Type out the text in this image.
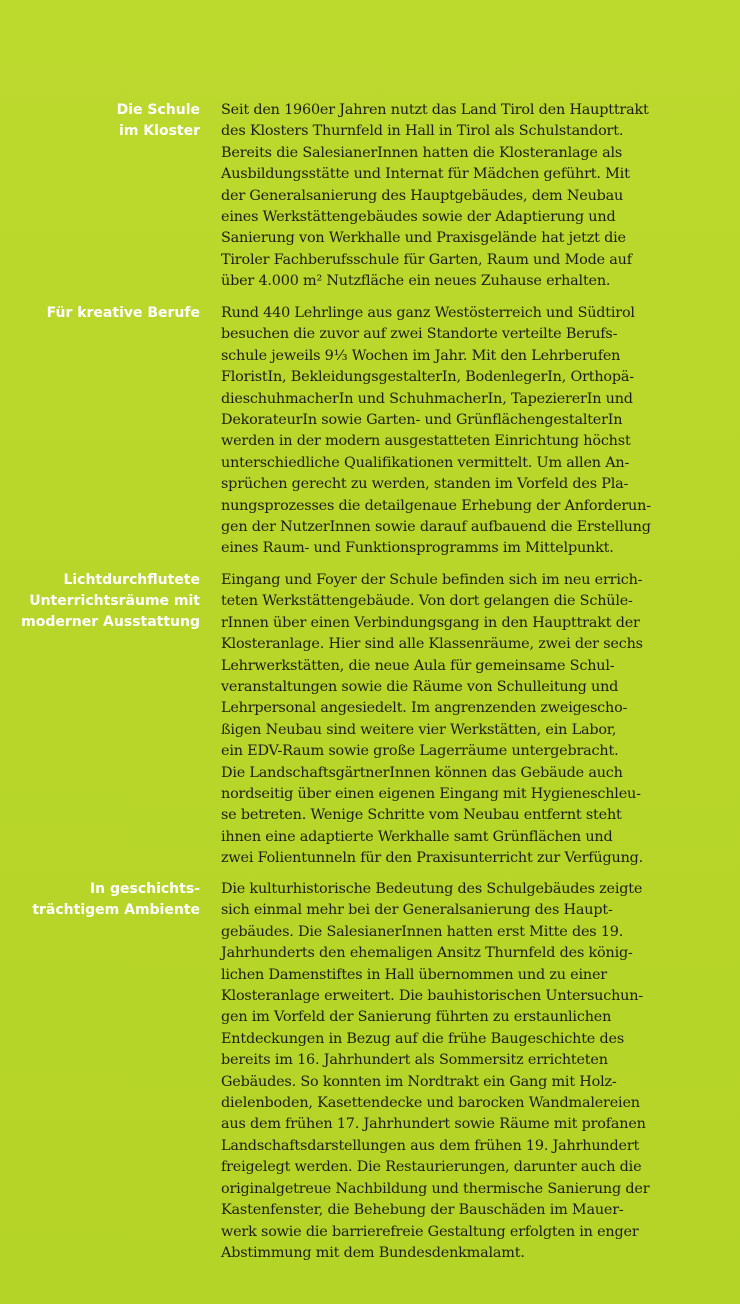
Die Schule
im Kloster

Seit den 1960er Jahren nutzt das Land Tirol den Haupttrakt
des Klosters Thurnfeld in Hall in Tirol als Schulstandort.
Bereits die SalesianerInnen hatten die Klosteranlage als
Ausbildungsstätte und Internat für Mädchen geführt. Mit
der Generalsanierung des Hauptgebäudes, dem Neubau
eines Werkstättengebäudes sowie der Adaptierung und
Sanierung von Werkhalle und Praxisgelände hat jetzt die
Tiroler Fachberufsschule für Garten, Raum und Mode auf
über 4.000 m² Nutzfläche ein neues Zuhause erhalten.

Für kreative Berufe Rund 440 Lehrlinge aus ganz Westösterreich und Südtirol
besuchen die zuvor auf zwei Standorte verteilte Berufs-
schule jeweils 9⅓ Wochen im Jahr. Mit den Lehrberufen
FloristIn, BekleidungsgestalterIn, BodenlegerIn, Orthopä-
dieschuhmacherIn und SchuhmacherIn, TapeziererIn und
DekorateurIn sowie Garten- und GrünflächengestalterIn
werden in der modern ausgestatteten Einrichtung höchst
unterschiedliche Qualifikationen vermittelt. Um allen An-
sprüchen gerecht zu werden, standen im Vorfeld des Pla-
nungsprozesses die detailgenaue Erhebung der Anforderun-
gen der NutzerInnen sowie darauf aufbauend die Erstellung
eines Raum- und Funktionsprogramms im Mittelpunkt.

Lichtdurchflutete
Unterrichtsräume mit
moderner Ausstattung

Eingang und Foyer der Schule befinden sich im neu errich-
teten Werkstättengebäude. Von dort gelangen die Schüle-
rInnen über einen Verbindungsgang in den Haupttrakt der
Klosteranlage. Hier sind alle Klassenräume, zwei der sechs
Lehrwerkstätten, die neue Aula für gemeinsame Schul-
veranstaltungen sowie die Räume von Schulleitung und
Lehrpersonal angesiedelt. Im angrenzenden zweigescho-
ßigen Neubau sind weitere vier Werkstätten, ein Labor,
ein EDV-Raum sowie große Lagerräume untergebracht.
Die LandschaftsgärtnerInnen können das Gebäude auch
nordseitig über einen eigenen Eingang mit Hygieneschleu-
se betreten. Wenige Schritte vom Neubau entfernt steht
ihnen eine adaptierte Werkhalle samt Grünflächen und
zwei Folientunneln für den Praxisunterricht zur Verfügung.

In geschichts-
trächtigem Ambiente

Die kulturhistorische Bedeutung des Schulgebäudes zeigte
sich einmal mehr bei der Generalsanierung des Haupt-
gebäudes. Die SalesianerInnen hatten erst Mitte des 19.
Jahrhunderts den ehemaligen Ansitz Thurnfeld des könig-
lichen Damenstiftes in Hall übernommen und zu einer
Klosteranlage erweitert. Die bauhistorischen Untersuchun-
gen im Vorfeld der Sanierung führten zu erstaunlichen
Entdeckungen in Bezug auf die frühe Baugeschichte des
bereits im 16. Jahrhundert als Sommersitz errichteten
Gebäudes. So konnten im Nordtrakt ein Gang mit Holz-
dielenboden, Kasettendecke und barocken Wandmalereien
aus dem frühen 17. Jahrhundert sowie Räume mit profanen
Landschaftsdarstellungen aus dem frühen 19. Jahrhundert
freigelegt werden. Die Restaurierungen, darunter auch die
originalgetreue Nachbildung und thermische Sanierung der
Kastenfenster, die Behebung der Bauschäden im Mauer-
werk sowie die barrierefreie Gestaltung erfolgten in enger
Abstimmung mit dem Bundesdenkmalamt.
